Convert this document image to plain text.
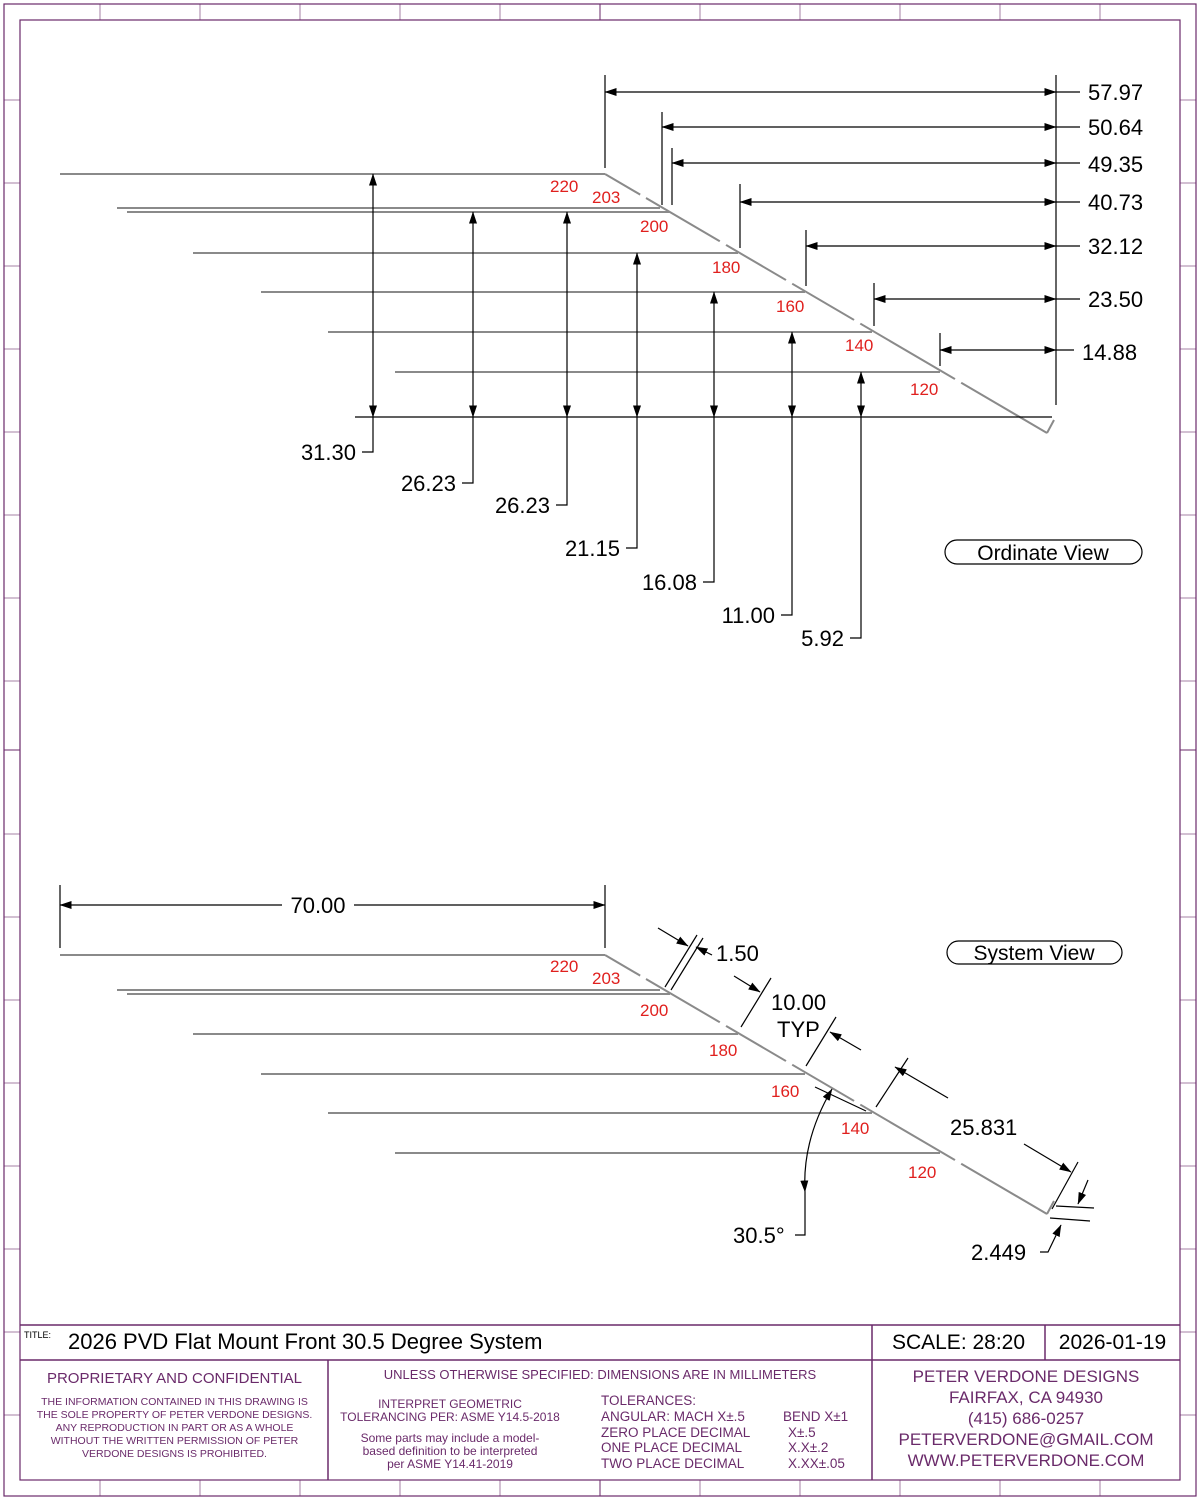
57.97
50.64
49.35
40.73
32.12
23.50
14.88
31.30
26.23
26.23
21.15
16.08
11.00
5.92
220
203
200
180
160
140
120
Ordinate View
70.00
1.50
10.00
TYP
25.831
2.449
30.5°
220
203
200
180
160
140
120
System View
TITLE: 2026 PVD Flat Mount Front 30.5 Degree System	SCALE: 28:20	2026-01-19
PROPRIETARY AND CONFIDENTIAL
THE INFORMATION CONTAINED IN THIS DRAWING IS THE SOLE PROPERTY OF PETER VERDONE DESIGNS. ANY REPRODUCTION IN PART OR AS A WHOLE WITHOUT THE WRITTEN PERMISSION OF PETER VERDONE DESIGNS IS PROHIBITED.
UNLESS OTHERWISE SPECIFIED: DIMENSIONS ARE IN MILLIMETERS
INTERPRET GEOMETRIC
TOLERANCING PER: ASME Y14.5-2018
Some parts may include a model-
based definition to be interpreted
per ASME Y14.41-2019
TOLERANCES:
ANGULAR: MACH X±.5	BEND X±1
ZERO PLACE DECIMAL	X±.5
ONE PLACE DECIMAL	X.X±.2
TWO PLACE DECIMAL	X.XX±.05
PETER VERDONE DESIGNS
FAIRFAX, CA 94930
(415) 686-0257
PETERVERDONE@GMAIL.COM
WWW.PETERVERDONE.COM
